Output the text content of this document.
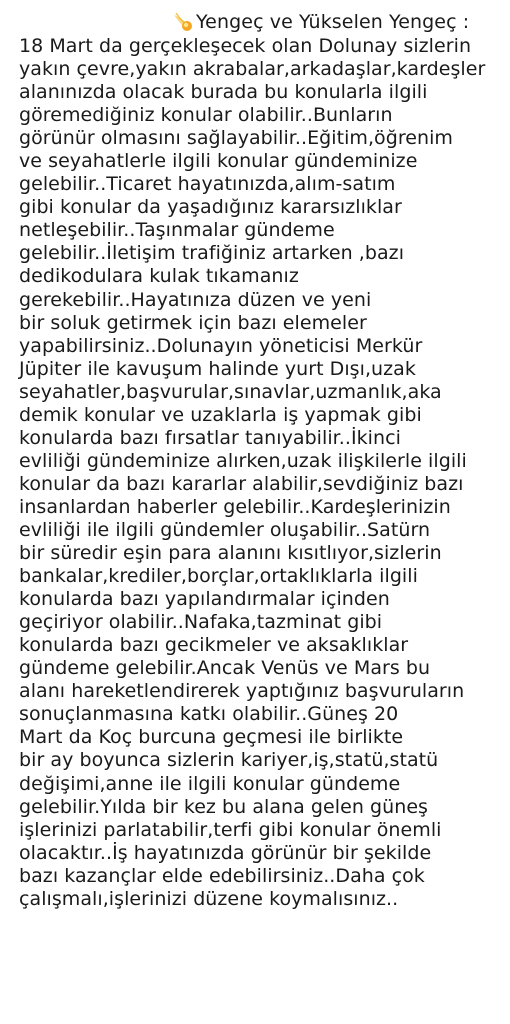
Yengeç ve Yükselen Yengeç :
18 Mart da gerçekleşecek olan Dolunay sizlerin
yakın çevre,yakın akrabalar,arkadaşlar,kardeşler
alanınızda olacak burada bu konularla ilgili
göremediğiniz konular olabilir..Bunların
görünür olmasını sağlayabilir..Eğitim,öğrenim
ve seyahatlerle ilgili konular gündeminize
gelebilir..Ticaret hayatınızda,alım-satım
gibi konular da yaşadığınız kararsızlıklar
netleşebilir..Taşınmalar gündeme
gelebilir..İletişim trafiğiniz artarken ,bazı
dedikodulara kulak tıkamanız
gerekebilir..Hayatınıza düzen ve yeni
bir soluk getirmek için bazı elemeler
yapabilirsiniz..Dolunayın yöneticisi Merkür
Jüpiter ile kavuşum halinde yurt Dışı,uzak
seyahatler,başvurular,sınavlar,uzmanlık,aka
demik konular ve uzaklarla iş yapmak gibi
konularda bazı fırsatlar tanıyabilir..İkinci
evliliği gündeminize alırken,uzak ilişkilerle ilgili
konular da bazı kararlar alabilir,sevdiğiniz bazı
insanlardan haberler gelebilir..Kardeşlerinizin
evliliği ile ilgili gündemler oluşabilir..Satürn
bir süredir eşin para alanını kısıtlıyor,sizlerin
bankalar,krediler,borçlar,ortaklıklarla ilgili
konularda bazı yapılandırmalar içinden
geçiriyor olabilir..Nafaka,tazminat gibi
konularda bazı gecikmeler ve aksaklıklar
gündeme gelebilir.Ancak Venüs ve Mars bu
alanı hareketlendirerek yaptığınız başvuruların
sonuçlanmasına katkı olabilir..Güneş 20
Mart da Koç burcuna geçmesi ile birlikte
bir ay boyunca sizlerin kariyer,iş,statü,statü
değişimi,anne ile ilgili konular gündeme
gelebilir.Yılda bir kez bu alana gelen güneş
işlerinizi parlatabilir,terfi gibi konular önemli
olacaktır..İş hayatınızda görünür bir şekilde
bazı kazançlar elde edebilirsiniz..Daha çok
çalışmalı,işlerinizi düzene koymalısınız..
